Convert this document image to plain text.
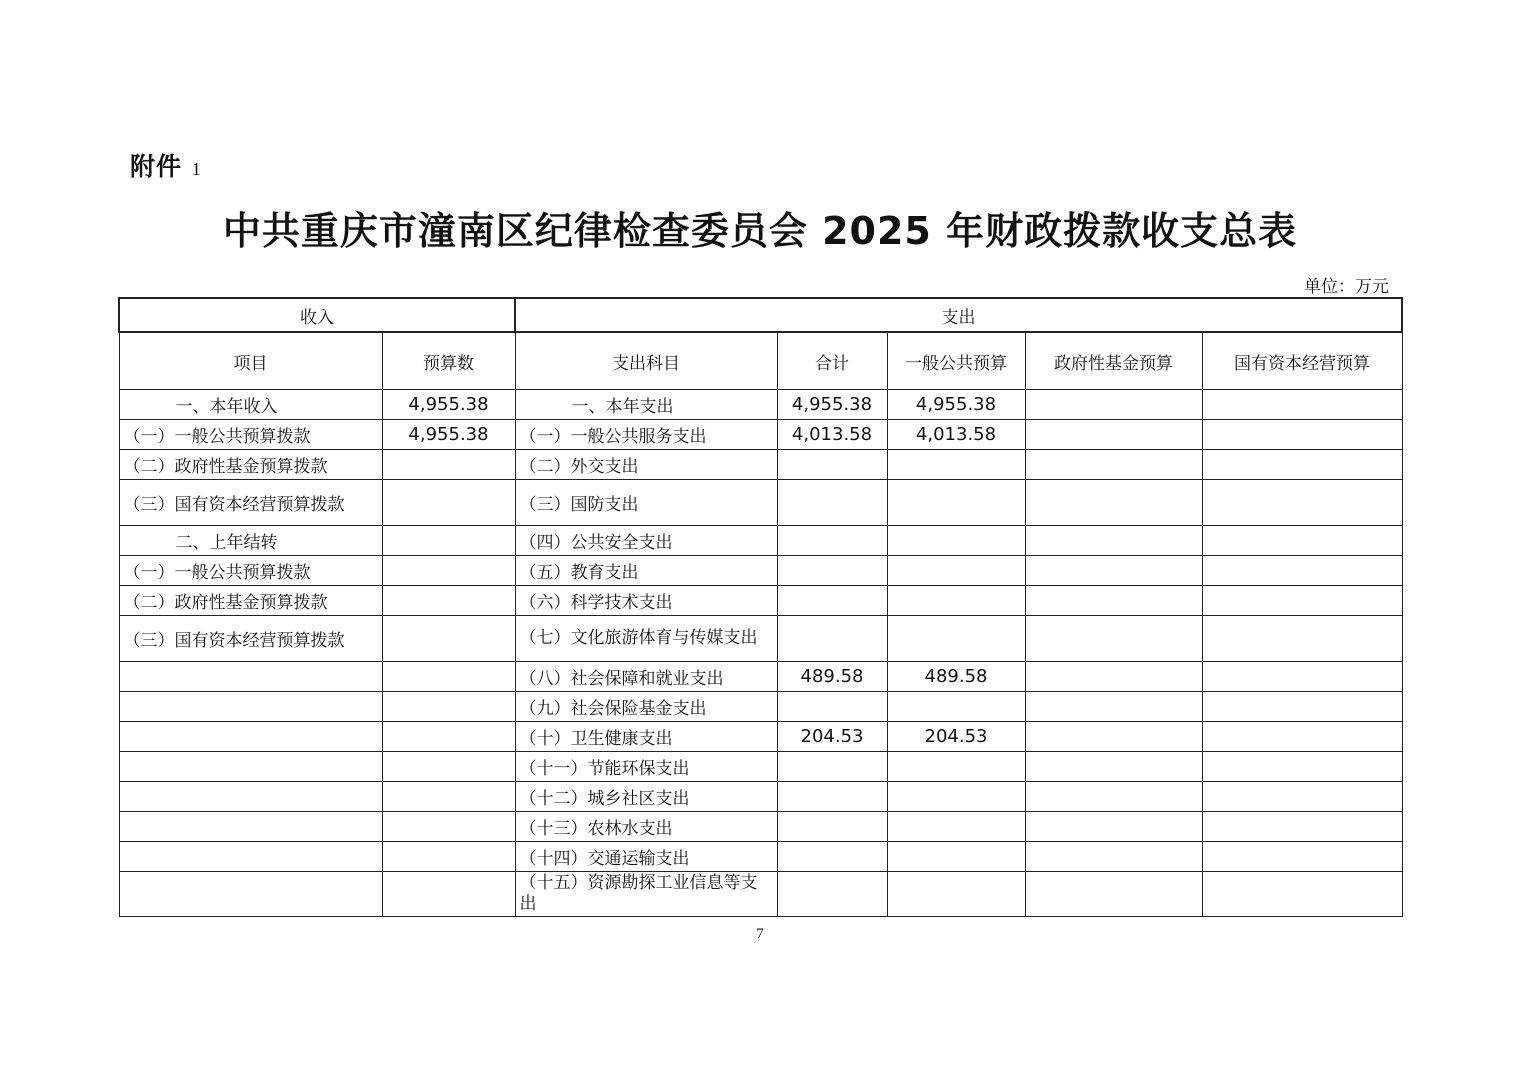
附件 1
中共重庆市潼南区纪律检查委员会 2025 年财政拨款收支总表
单位：万元
收入		支出				
项目	预算数	支出科目	合计	一般公共预算	政府性基金预算	国有资本经营预算
一、本年收入	4,955.38	一、本年支出	4,955.38	4,955.38		
（一）一般公共预算拨款	4,955.38	（一）一般公共服务支出	4,013.58	4,013.58		
（二）政府性基金预算拨款		（二）外交支出				
（三）国有资本经营预算拨款		（三）国防支出				
二、上年结转		（四）公共安全支出				
（一）一般公共预算拨款		（五）教育支出				
（二）政府性基金预算拨款		（六）科学技术支出				
（三）国有资本经营预算拨款		（七）文化旅游体育与传媒支出				
		（八）社会保障和就业支出	489.58	489.58		
		（九）社会保险基金支出				
		（十）卫生健康支出	204.53	204.53		
		（十一）节能环保支出				
		（十二）城乡社区支出				
		（十三）农林水支出				
		（十四）交通运输支出				
		（十五）资源勘探工业信息等支出				
7
